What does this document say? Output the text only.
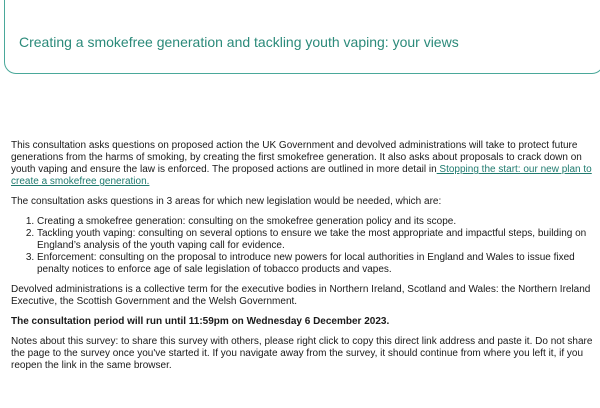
Creating a smokefree generation and tackling youth vaping: your views

This consultation asks questions on proposed action the UK Government and devolved administrations will take to protect future generations from the harms of smoking, by creating the first smokefree generation. It also asks about proposals to crack down on youth vaping and ensure the law is enforced. The proposed actions are outlined in more detail in Stopping the start: our new plan to create a smokefree generation.

The consultation asks questions in 3 areas for which new legislation would be needed, which are:

1. Creating a smokefree generation: consulting on the smokefree generation policy and its scope.
2. Tackling youth vaping: consulting on several options to ensure we take the most appropriate and impactful steps, building on England’s analysis of the youth vaping call for evidence.
3. Enforcement: consulting on the proposal to introduce new powers for local authorities in England and Wales to issue fixed penalty notices to enforce age of sale legislation of tobacco products and vapes.

Devolved administrations is a collective term for the executive bodies in Northern Ireland, Scotland and Wales: the Northern Ireland Executive, the Scottish Government and the Welsh Government.

The consultation period will run until 11:59pm on Wednesday 6 December 2023.

Notes about this survey: to share this survey with others, please right click to copy this direct link address and paste it. Do not share the page to the survey once you've started it. If you navigate away from the survey, it should continue from where you left it, if you reopen the link in the same browser.
